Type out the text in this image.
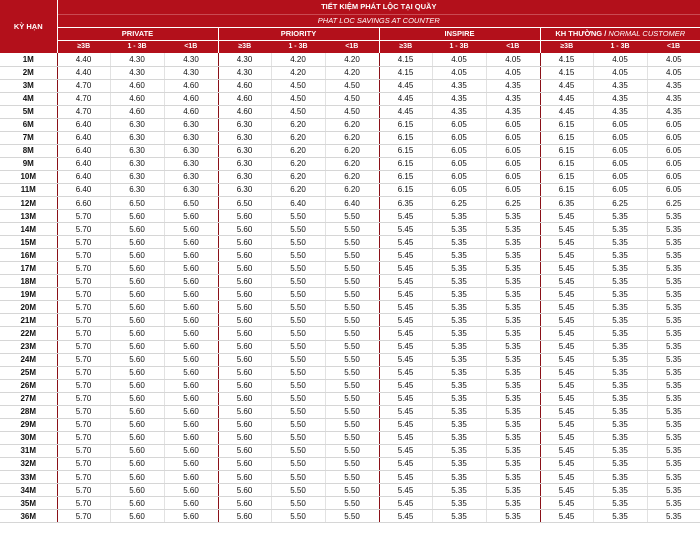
KỲ HẠN	TIẾT KIỆM PHÁT LỘC TẠI QUẦY											
	PHAT LOC SAVINGS AT COUNTER											
	PRIVATE			PRIORITY			INSPIRE			KH THƯỜNG / NORMAL CUSTOMER		
	≥3B	1 - 3B	<1B	≥3B	1 - 3B	<1B	≥3B	1 - 3B	<1B	≥3B	1 - 3B	<1B
1M	4.40	4.30	4.30	4.30	4.20	4.20	4.15	4.05	4.05	4.15	4.05	4.05
2M	4.40	4.30	4.30	4.30	4.20	4.20	4.15	4.05	4.05	4.15	4.05	4.05
3M	4.70	4.60	4.60	4.60	4.50	4.50	4.45	4.35	4.35	4.45	4.35	4.35
4M	4.70	4.60	4.60	4.60	4.50	4.50	4.45	4.35	4.35	4.45	4.35	4.35
5M	4.70	4.60	4.60	4.60	4.50	4.50	4.45	4.35	4.35	4.45	4.35	4.35
6M	6.40	6.30	6.30	6.30	6.20	6.20	6.15	6.05	6.05	6.15	6.05	6.05
7M	6.40	6.30	6.30	6.30	6.20	6.20	6.15	6.05	6.05	6.15	6.05	6.05
8M	6.40	6.30	6.30	6.30	6.20	6.20	6.15	6.05	6.05	6.15	6.05	6.05
9M	6.40	6.30	6.30	6.30	6.20	6.20	6.15	6.05	6.05	6.15	6.05	6.05
10M	6.40	6.30	6.30	6.30	6.20	6.20	6.15	6.05	6.05	6.15	6.05	6.05
11M	6.40	6.30	6.30	6.30	6.20	6.20	6.15	6.05	6.05	6.15	6.05	6.05
12M	6.60	6.50	6.50	6.50	6.40	6.40	6.35	6.25	6.25	6.35	6.25	6.25
13M	5.70	5.60	5.60	5.60	5.50	5.50	5.45	5.35	5.35	5.45	5.35	5.35
14M	5.70	5.60	5.60	5.60	5.50	5.50	5.45	5.35	5.35	5.45	5.35	5.35
15M	5.70	5.60	5.60	5.60	5.50	5.50	5.45	5.35	5.35	5.45	5.35	5.35
16M	5.70	5.60	5.60	5.60	5.50	5.50	5.45	5.35	5.35	5.45	5.35	5.35
17M	5.70	5.60	5.60	5.60	5.50	5.50	5.45	5.35	5.35	5.45	5.35	5.35
18M	5.70	5.60	5.60	5.60	5.50	5.50	5.45	5.35	5.35	5.45	5.35	5.35
19M	5.70	5.60	5.60	5.60	5.50	5.50	5.45	5.35	5.35	5.45	5.35	5.35
20M	5.70	5.60	5.60	5.60	5.50	5.50	5.45	5.35	5.35	5.45	5.35	5.35
21M	5.70	5.60	5.60	5.60	5.50	5.50	5.45	5.35	5.35	5.45	5.35	5.35
22M	5.70	5.60	5.60	5.60	5.50	5.50	5.45	5.35	5.35	5.45	5.35	5.35
23M	5.70	5.60	5.60	5.60	5.50	5.50	5.45	5.35	5.35	5.45	5.35	5.35
24M	5.70	5.60	5.60	5.60	5.50	5.50	5.45	5.35	5.35	5.45	5.35	5.35
25M	5.70	5.60	5.60	5.60	5.50	5.50	5.45	5.35	5.35	5.45	5.35	5.35
26M	5.70	5.60	5.60	5.60	5.50	5.50	5.45	5.35	5.35	5.45	5.35	5.35
27M	5.70	5.60	5.60	5.60	5.50	5.50	5.45	5.35	5.35	5.45	5.35	5.35
28M	5.70	5.60	5.60	5.60	5.50	5.50	5.45	5.35	5.35	5.45	5.35	5.35
29M	5.70	5.60	5.60	5.60	5.50	5.50	5.45	5.35	5.35	5.45	5.35	5.35
30M	5.70	5.60	5.60	5.60	5.50	5.50	5.45	5.35	5.35	5.45	5.35	5.35
31M	5.70	5.60	5.60	5.60	5.50	5.50	5.45	5.35	5.35	5.45	5.35	5.35
32M	5.70	5.60	5.60	5.60	5.50	5.50	5.45	5.35	5.35	5.45	5.35	5.35
33M	5.70	5.60	5.60	5.60	5.50	5.50	5.45	5.35	5.35	5.45	5.35	5.35
34M	5.70	5.60	5.60	5.60	5.50	5.50	5.45	5.35	5.35	5.45	5.35	5.35
35M	5.70	5.60	5.60	5.60	5.50	5.50	5.45	5.35	5.35	5.45	5.35	5.35
36M	5.70	5.60	5.60	5.60	5.50	5.50	5.45	5.35	5.35	5.45	5.35	5.35
